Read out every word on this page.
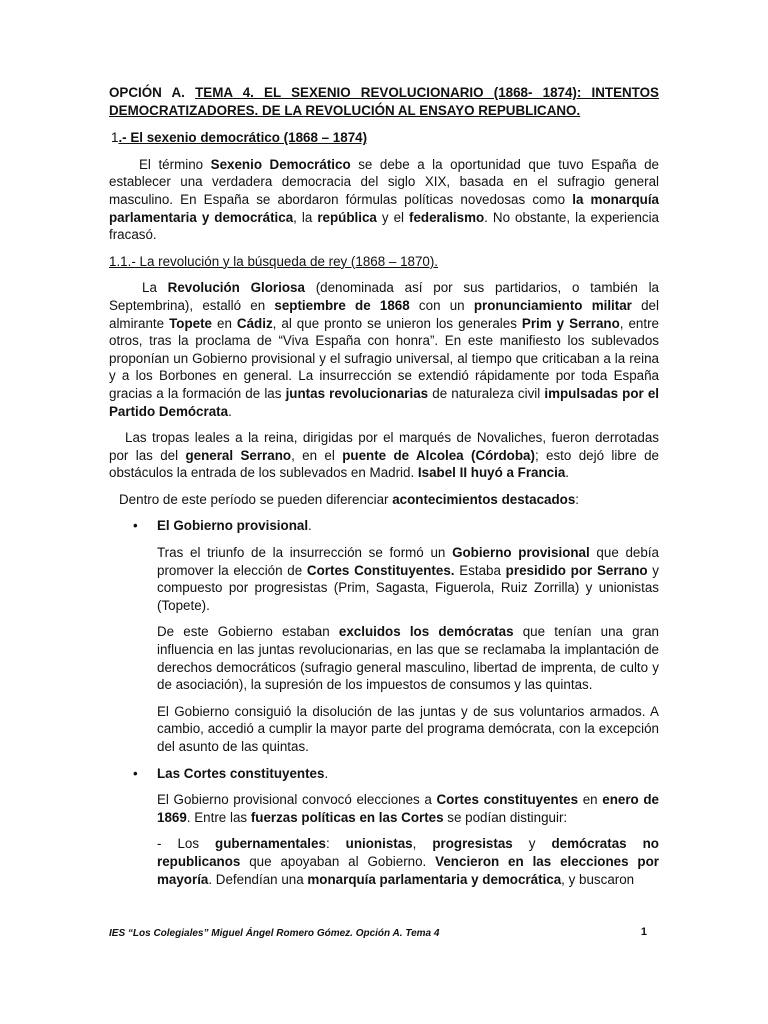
OPCIÓN A. TEMA 4. EL SEXENIO REVOLUCIONARIO (1868- 1874): INTENTOS DEMOCRATIZADORES. DE LA REVOLUCIÓN AL ENSAYO REPUBLICANO.
1.- El sexenio democrático (1868 – 1874)

El término Sexenio Democrático se debe a la oportunidad que tuvo España de establecer una verdadera democracia del siglo XIX, basada en el sufragio general masculino. En España se abordaron fórmulas políticas novedosas como la monarquía parlamentaria y democrática, la república y el federalismo. No obstante, la experiencia fracasó.

1.1.- La revolución y la búsqueda de rey (1868 – 1870).

La Revolución Gloriosa (denominada así por sus partidarios, o también la Septembrina), estalló en septiembre de 1868 con un pronunciamiento militar del almirante Topete en Cádiz, al que pronto se unieron los generales Prim y Serrano, entre otros, tras la proclama de “Viva España con honra”. En este manifiesto los sublevados proponían un Gobierno provisional y el sufragio universal, al tiempo que criticaban a la reina y a los Borbones en general. La insurrección se extendió rápidamente por toda España gracias a la formación de las juntas revolucionarias de naturaleza civil impulsadas por el Partido Demócrata.

Las tropas leales a la reina, dirigidas por el marqués de Novaliches, fueron derrotadas por las del general Serrano, en el puente de Alcolea (Córdoba); esto dejó libre de obstáculos la entrada de los sublevados en Madrid. Isabel II huyó a Francia.

Dentro de este período se pueden diferenciar acontecimientos destacados:

• El Gobierno provisional.

Tras el triunfo de la insurrección se formó un Gobierno provisional que debía promover la elección de Cortes Constituyentes. Estaba presidido por Serrano y compuesto por progresistas (Prim, Sagasta, Figuerola, Ruiz Zorrilla) y unionistas (Topete).

De este Gobierno estaban excluidos los demócratas que tenían una gran influencia en las juntas revolucionarias, en las que se reclamaba la implantación de derechos democráticos (sufragio general masculino, libertad de imprenta, de culto y de asociación), la supresión de los impuestos de consumos y las quintas.

El Gobierno consiguió la disolución de las juntas y de sus voluntarios armados. A cambio, accedió a cumplir la mayor parte del programa demócrata, con la excepción del asunto de las quintas.

• Las Cortes constituyentes.

El Gobierno provisional convocó elecciones a Cortes constituyentes en enero de 1869. Entre las fuerzas políticas en las Cortes se podían distinguir:

- Los gubernamentales: unionistas, progresistas y demócratas no republicanos que apoyaban al Gobierno. Vencieron en las elecciones por mayoría. Defendían una monarquía parlamentaria y democrática, y buscaron

IES “Los Colegiales” Miguel Ángel Romero Gómez. Opción A. Tema 4	1
